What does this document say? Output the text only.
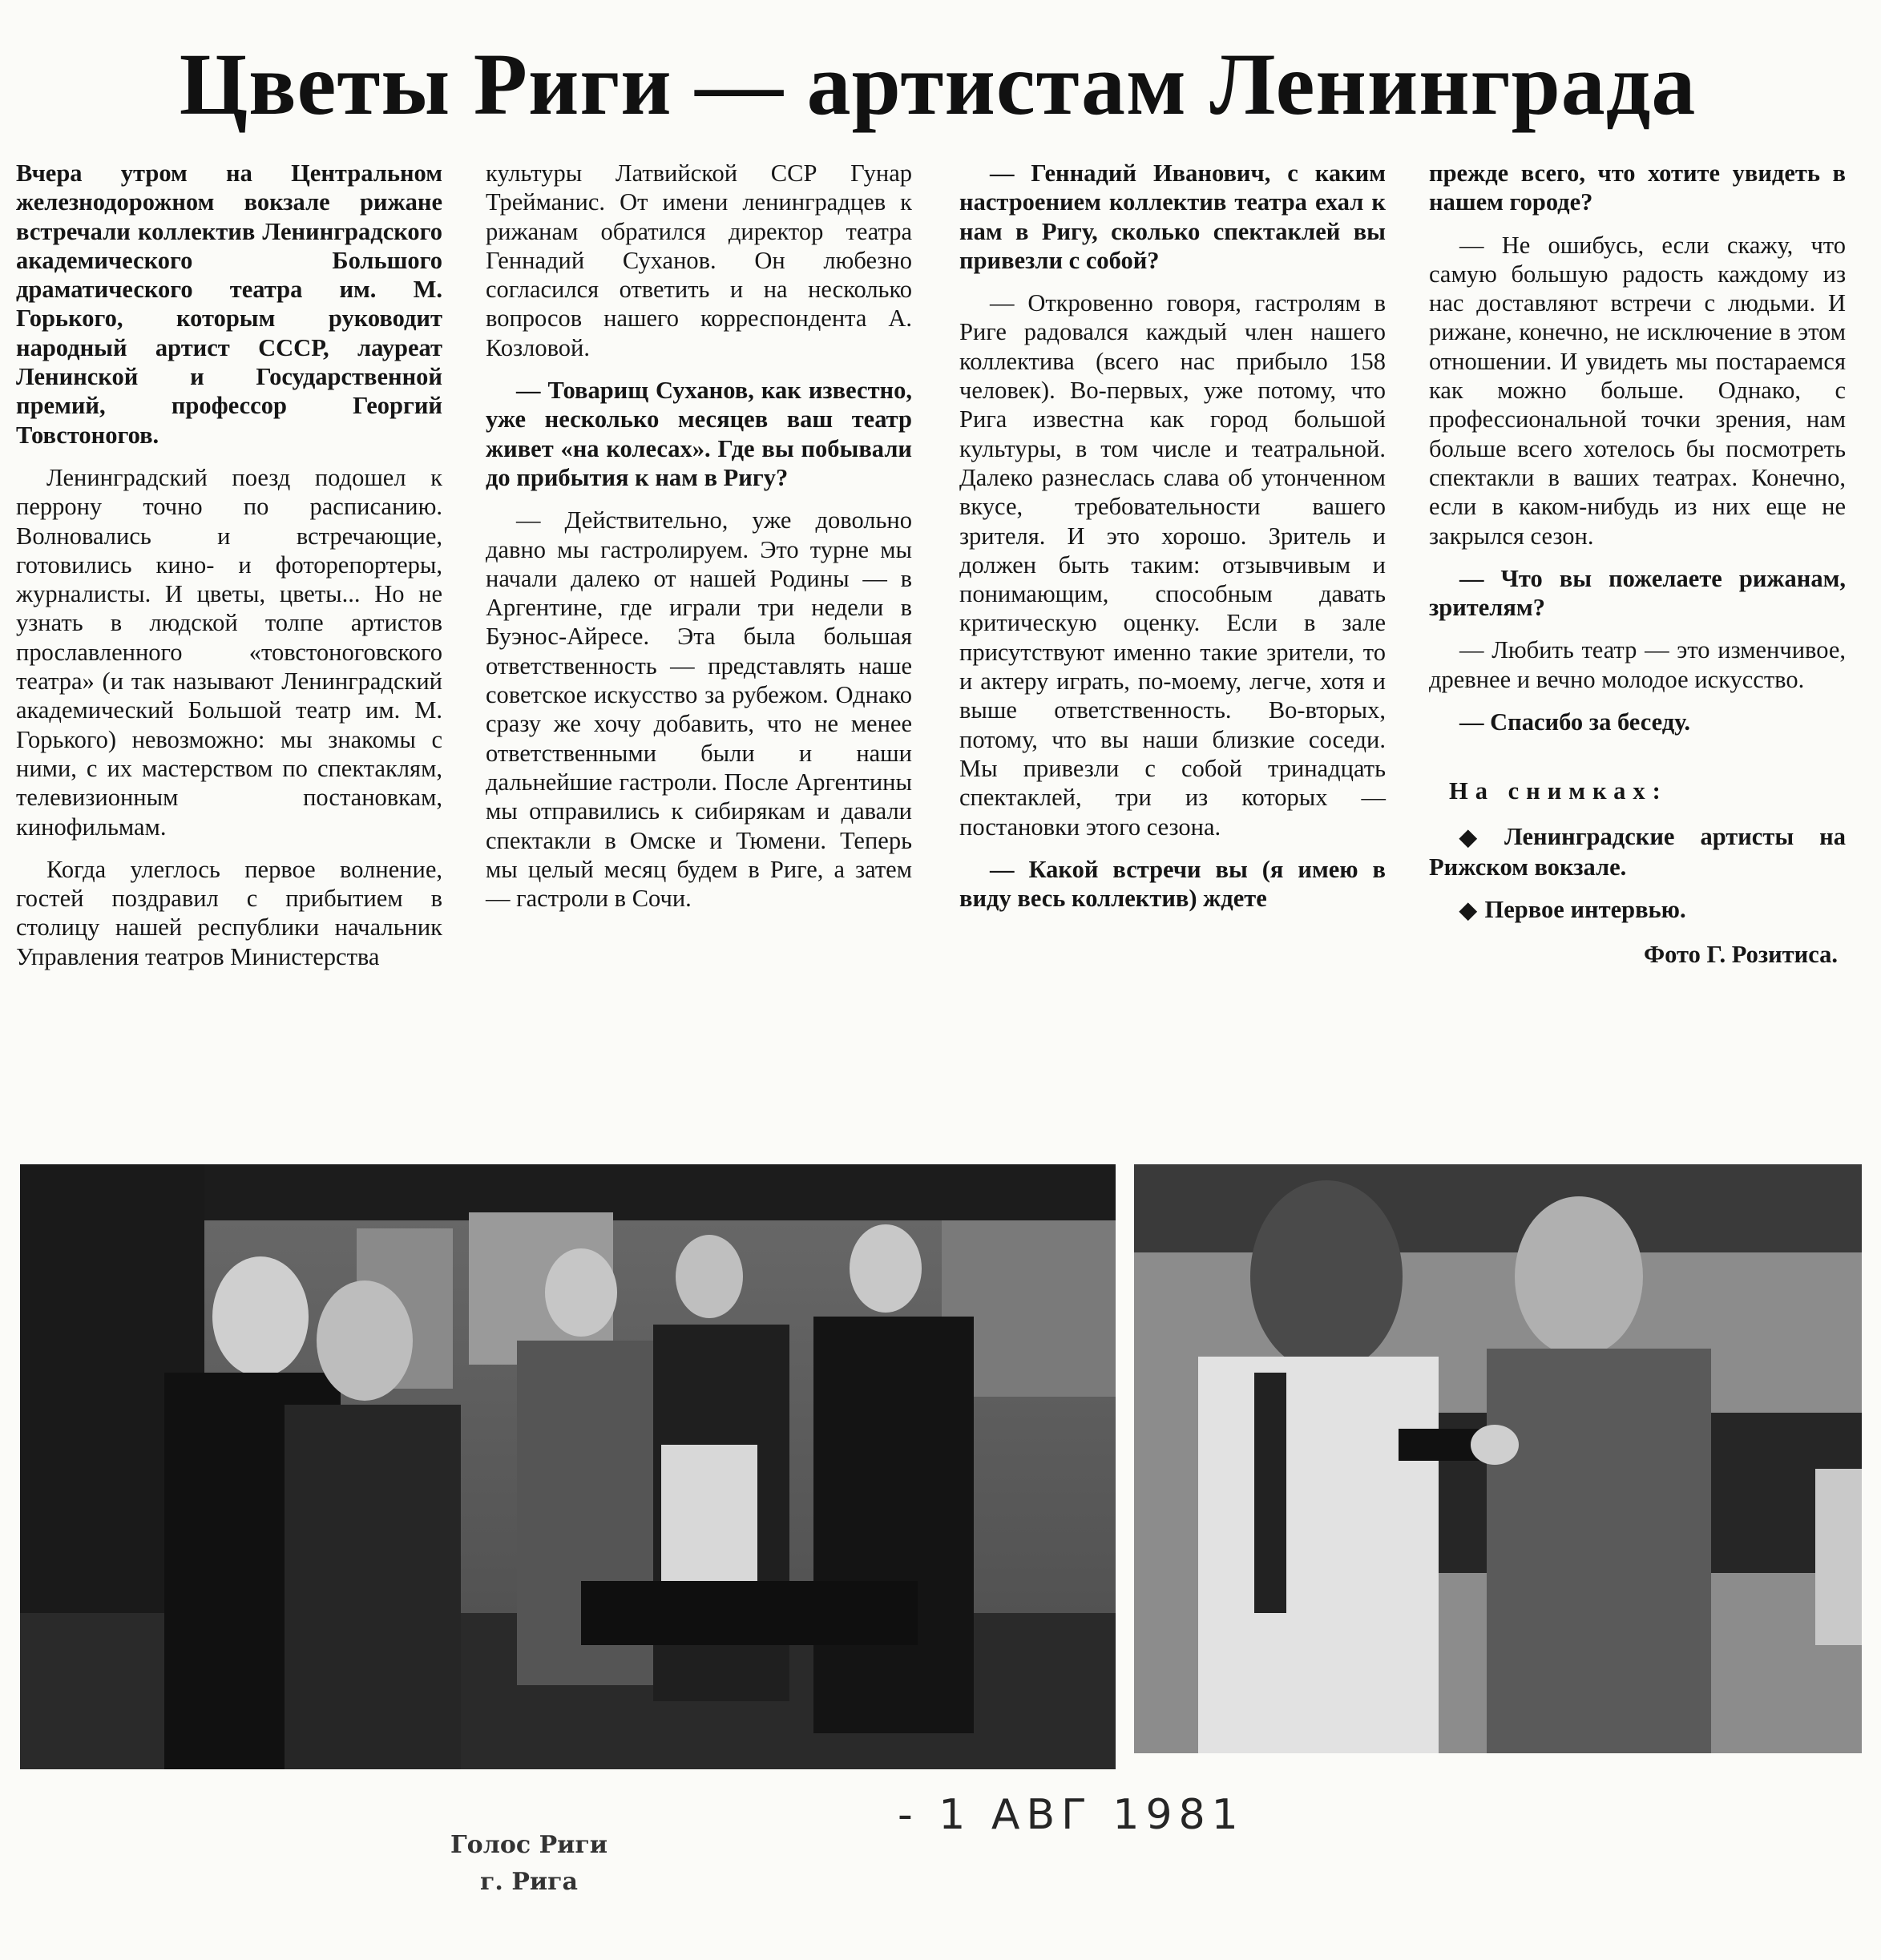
Цветы Риги — артистам Ленинграда

Вчера утром на Центральном железнодорожном вокзале рижане встречали коллектив Ленинградского академического Большого драматического театра им. М. Горького, которым руководит народный артист СССР, лауреат Ленинской и Государственной премий, профессор Георгий Товстоногов.

Ленинградский поезд подошел к перрону точно по расписанию. Волновались и встречающие, готовились кино- и фоторепортеры, журналисты. И цветы, цветы... Но не узнать в людской толпе артистов прославленного «товстоноговского театра» (и так называют Ленинградский академический Большой театр им. М. Горького) невозможно: мы знакомы с ними, с их мастерством по спектаклям, телевизионным постановкам, кинофильмам.

Когда улеглось первое волнение, гостей поздравил с прибытием в столицу нашей республики начальник Управления театров Министерства

культуры Латвийской ССР Гунар Трейманис. От имени ленинградцев к рижанам обратился директор театра Геннадий Суханов. Он любезно согласился ответить и на несколько вопросов нашего корреспондента А. Козловой.

— Товарищ Суханов, как известно, уже несколько месяцев ваш театр живет «на колесах». Где вы побывали до прибытия к нам в Ригу?

— Действительно, уже довольно давно мы гастролируем. Это турне мы начали далеко от нашей Родины — в Аргентине, где играли три недели в Буэнос-Айресе. Эта была большая ответственность — представлять наше советское искусство за рубежом. Однако сразу же хочу добавить, что не менее ответственными были и наши дальнейшие гастроли. После Аргентины мы отправились к сибирякам и давали спектакли в Омске и Тюмени. Теперь мы целый месяц будем в Риге, а затем — гастроли в Сочи.

— Геннадий Иванович, с каким настроением коллектив театра ехал к нам в Ригу, сколько спектаклей вы привезли с собой?

— Откровенно говоря, гастролям в Риге радовался каждый член нашего коллектива (всего нас прибыло 158 человек). Во-первых, уже потому, что Рига известна как город большой культуры, в том числе и театральной. Далеко разнеслась слава об утонченном вкусе, требовательности вашего зрителя. И это хорошо. Зритель и должен быть таким: отзывчивым и понимающим, способным давать критическую оценку. Если в зале присутствуют именно такие зрители, то и актеру играть, по-моему, легче, хотя и выше ответственность. Во-вторых, потому, что вы наши близкие соседи. Мы привезли с собой тринадцать спектаклей, три из которых — постановки этого сезона.

— Какой встречи вы (я имею в виду весь коллектив) ждете

прежде всего, что хотите увидеть в нашем городе?

— Не ошибусь, если скажу, что самую большую радость каждому из нас доставляют встречи с людьми. И рижане, конечно, не исключение в этом отношении. И увидеть мы постараемся как можно больше. Однако, с профессиональной точки зрения, нам больше всего хотелось бы посмотреть спектакли в ваших театрах. Конечно, если в каком-нибудь из них еще не закрылся сезон.

— Что вы пожелаете рижанам, зрителям?

— Любить театр — это изменчивое, древнее и вечно молодое искусство.

— Спасибо за беседу.

На снимках:

◆ Ленинградские артисты на Рижском вокзале.

◆ Первое интервью.

Фото Г. Розитиса.
- 1 АВГ 1981
Голос Риги
г. Рига
